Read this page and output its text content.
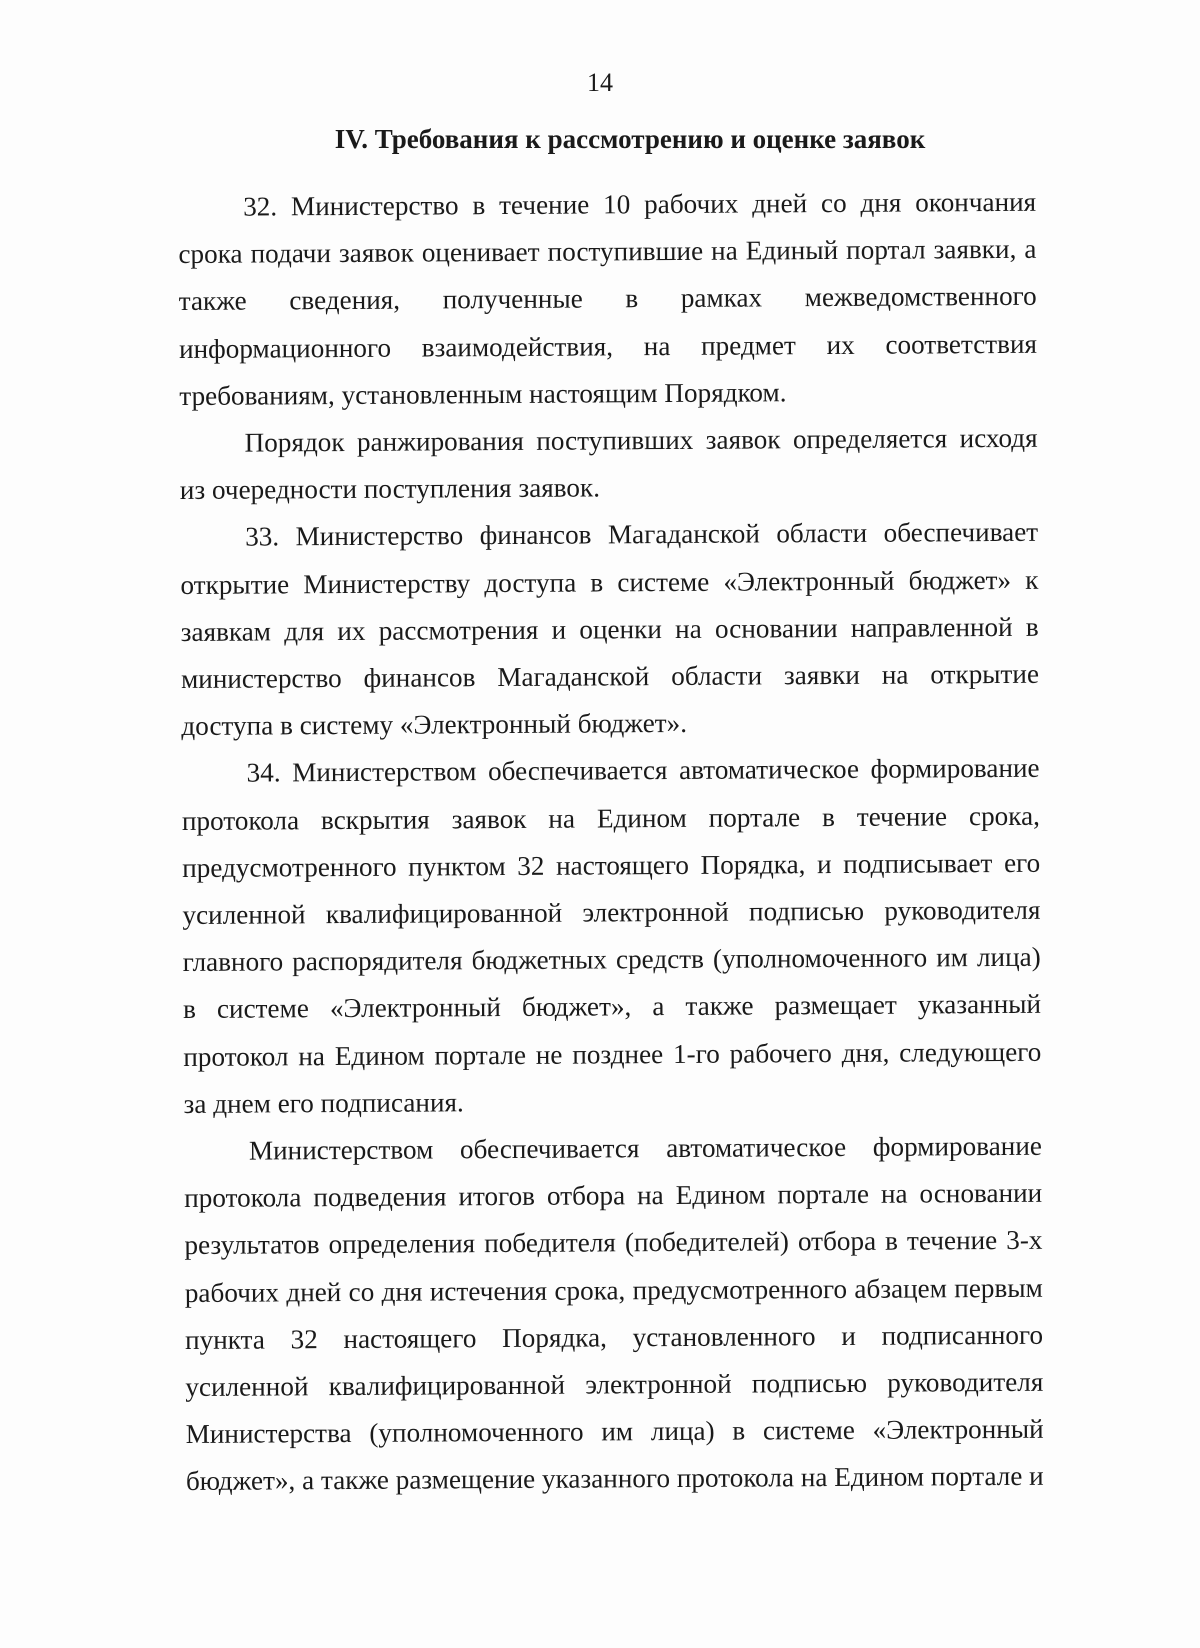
14
IV. Требования к рассмотрению и оценке заявок

32. Министерство в течение 10 рабочих дней со дня окончания срока подачи заявок оценивает поступившие на Единый портал заявки, а также сведения, полученные в рамках межведомственного информационного взаимодействия, на предмет их соответствия требованиям, установленным настоящим Порядком.

Порядок ранжирования поступивших заявок определяется исходя из очередности поступления заявок.

33. Министерство финансов Магаданской области обеспечивает открытие Министерству доступа в системе «Электронный бюджет» к заявкам для их рассмотрения и оценки на основании направленной в министерство финансов Магаданской области заявки на открытие доступа в систему «Электронный бюджет».

34. Министерством обеспечивается автоматическое формирование протокола вскрытия заявок на Едином портале в течение срока, предусмотренного пунктом 32 настоящего Порядка, и подписывает его усиленной квалифицированной электронной подписью руководителя главного распорядителя бюджетных средств (уполномоченного им лица) в системе «Электронный бюджет», а также размещает указанный протокол на Едином портале не позднее 1-го рабочего дня, следующего за днем его подписания.

Министерством обеспечивается автоматическое формирование протокола подведения итогов отбора на Едином портале на основании результатов определения победителя (победителей) отбора в течение 3-х рабочих дней со дня истечения срока, предусмотренного абзацем первым пункта 32 настоящего Порядка, установленного и подписанного усиленной квалифицированной электронной подписью руководителя Министерства (уполномоченного им лица) в системе «Электронный бюджет», а также размещение указанного протокола на Едином портале и
